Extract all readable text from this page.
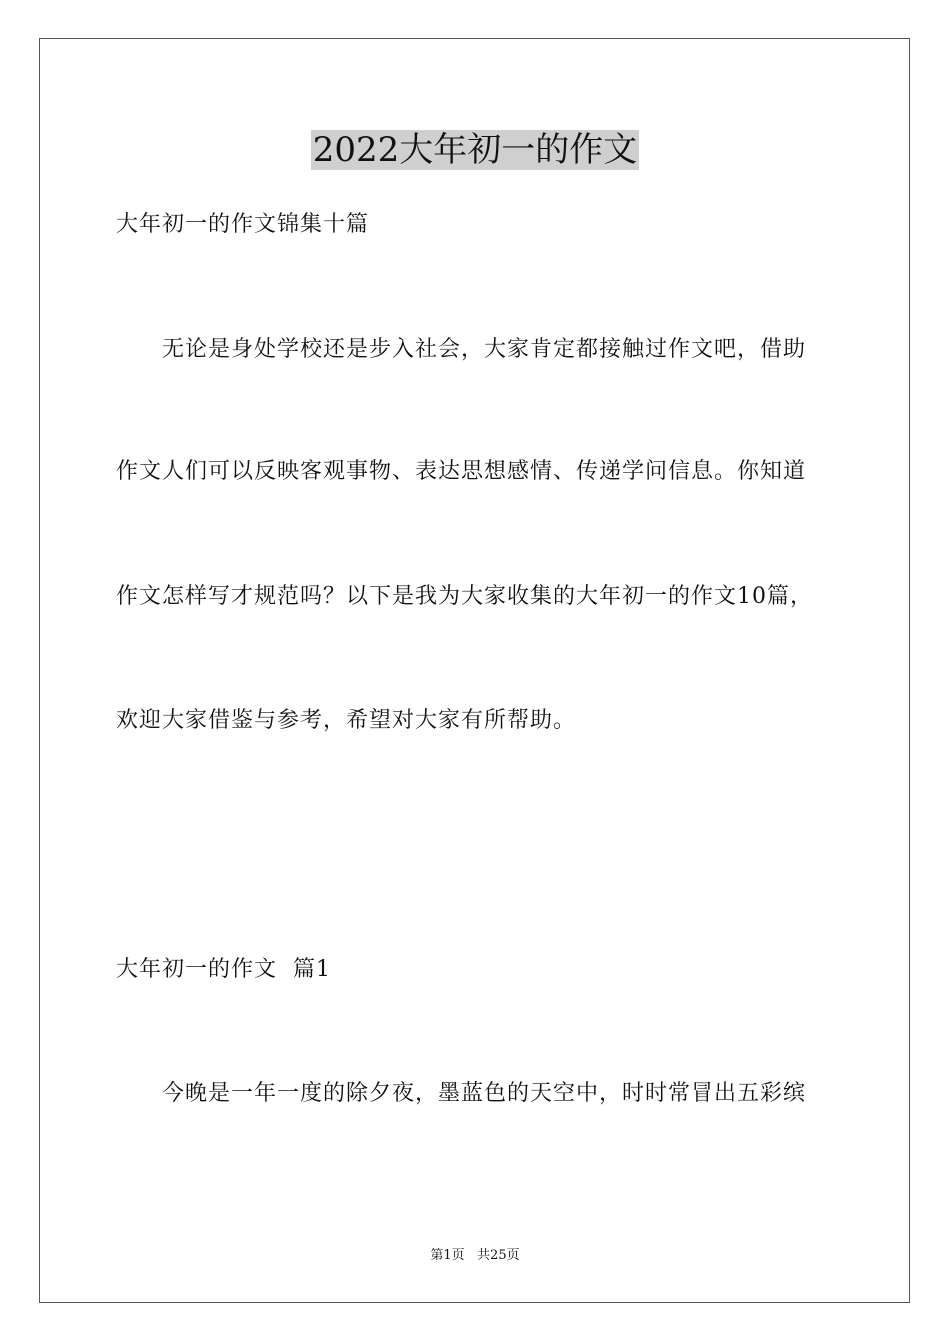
2022大年初一的作文
大年初一的作文锦集十篇
无论是身处学校还是步入社会，大家肯定都接触过作文吧，借助
作文人们可以反映客观事物、表达思想感情、传递学问信息。你知道
作文怎样写才规范吗？以下是我为大家收集的大年初一的作文10篇，
欢迎大家借鉴与参考，希望对大家有所帮助。
大年初一的作文  篇1
今晚是一年一度的除夕夜，墨蓝色的天空中，时时常冒出五彩缤
第1页   共25页
